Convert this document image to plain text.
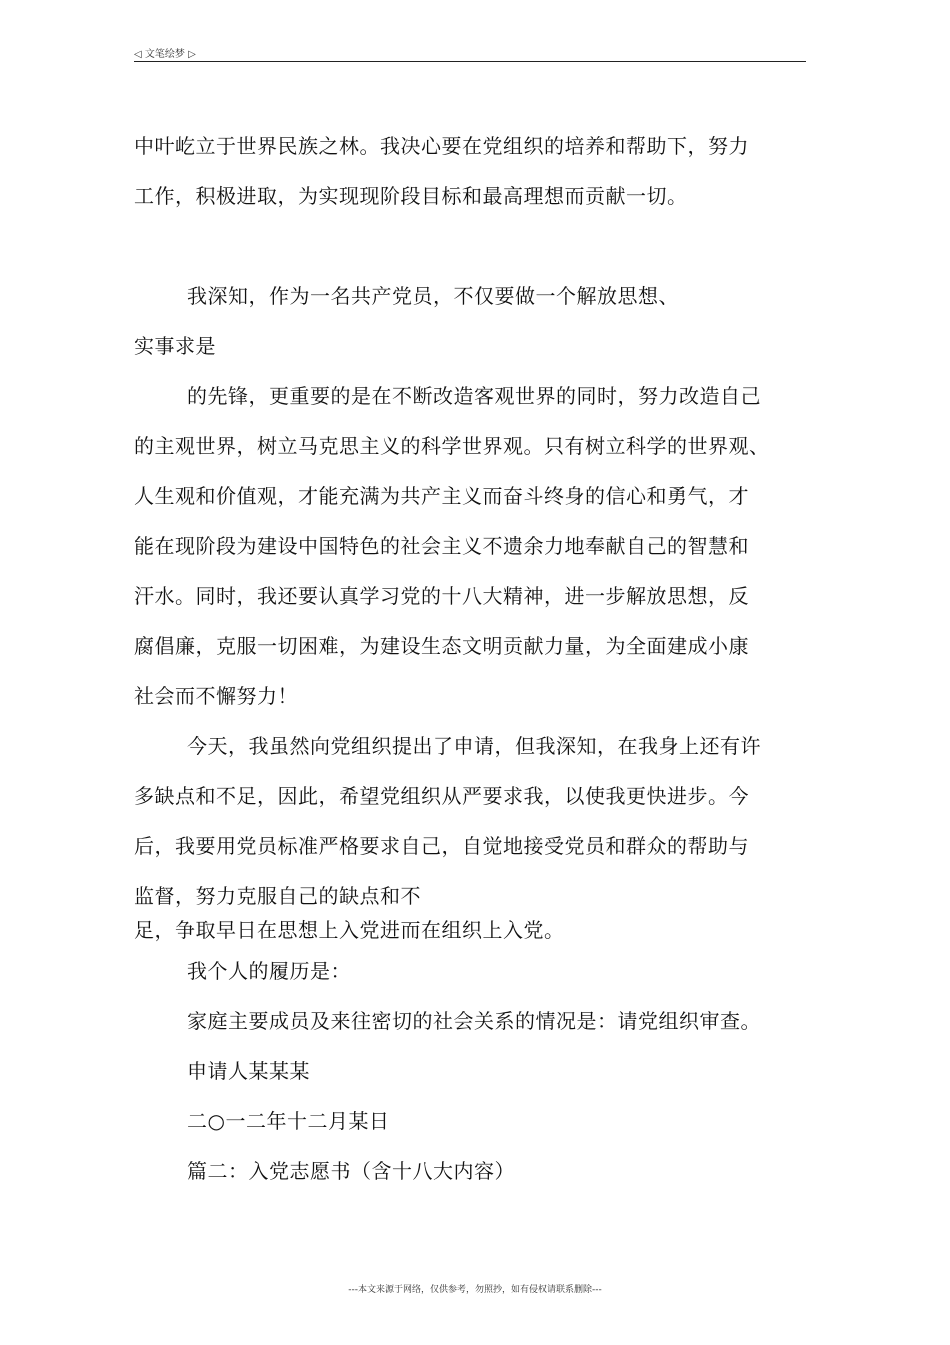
◁ 文笔绘梦 ▷
中叶屹立于世界民族之林。我决心要在党组织的培养和帮助下，努力
工作，积极进取，为实现现阶段目标和最高理想而贡献一切。
我深知，作为一名共产党员，不仅要做一个解放思想、
实事求是
的先锋，更重要的是在不断改造客观世界的同时，努力改造自己
的主观世界，树立马克思主义的科学世界观。只有树立科学的世界观、
人生观和价值观，才能充满为共产主义而奋斗终身的信心和勇气，才
能在现阶段为建设中国特色的社会主义不遗余力地奉献自己的智慧和
汗水。同时，我还要认真学习党的十八大精神，进一步解放思想，反
腐倡廉，克服一切困难，为建设生态文明贡献力量，为全面建成小康
社会而不懈努力！
今天，我虽然向党组织提出了申请，但我深知，在我身上还有许
多缺点和不足，因此，希望党组织从严要求我，以使我更快进步。今
后，我要用党员标准严格要求自己，自觉地接受党员和群众的帮助与
监督，努力克服自己的缺点和不
足，争取早日在思想上入党进而在组织上入党。
我个人的履历是：
家庭主要成员及来往密切的社会关系的情况是：请党组织审查。
申请人某某某
二○一二年十二月某日
篇二：入党志愿书（含十八大内容）
---本文来源于网络，仅供参考，勿照抄，如有侵权请联系删除---
